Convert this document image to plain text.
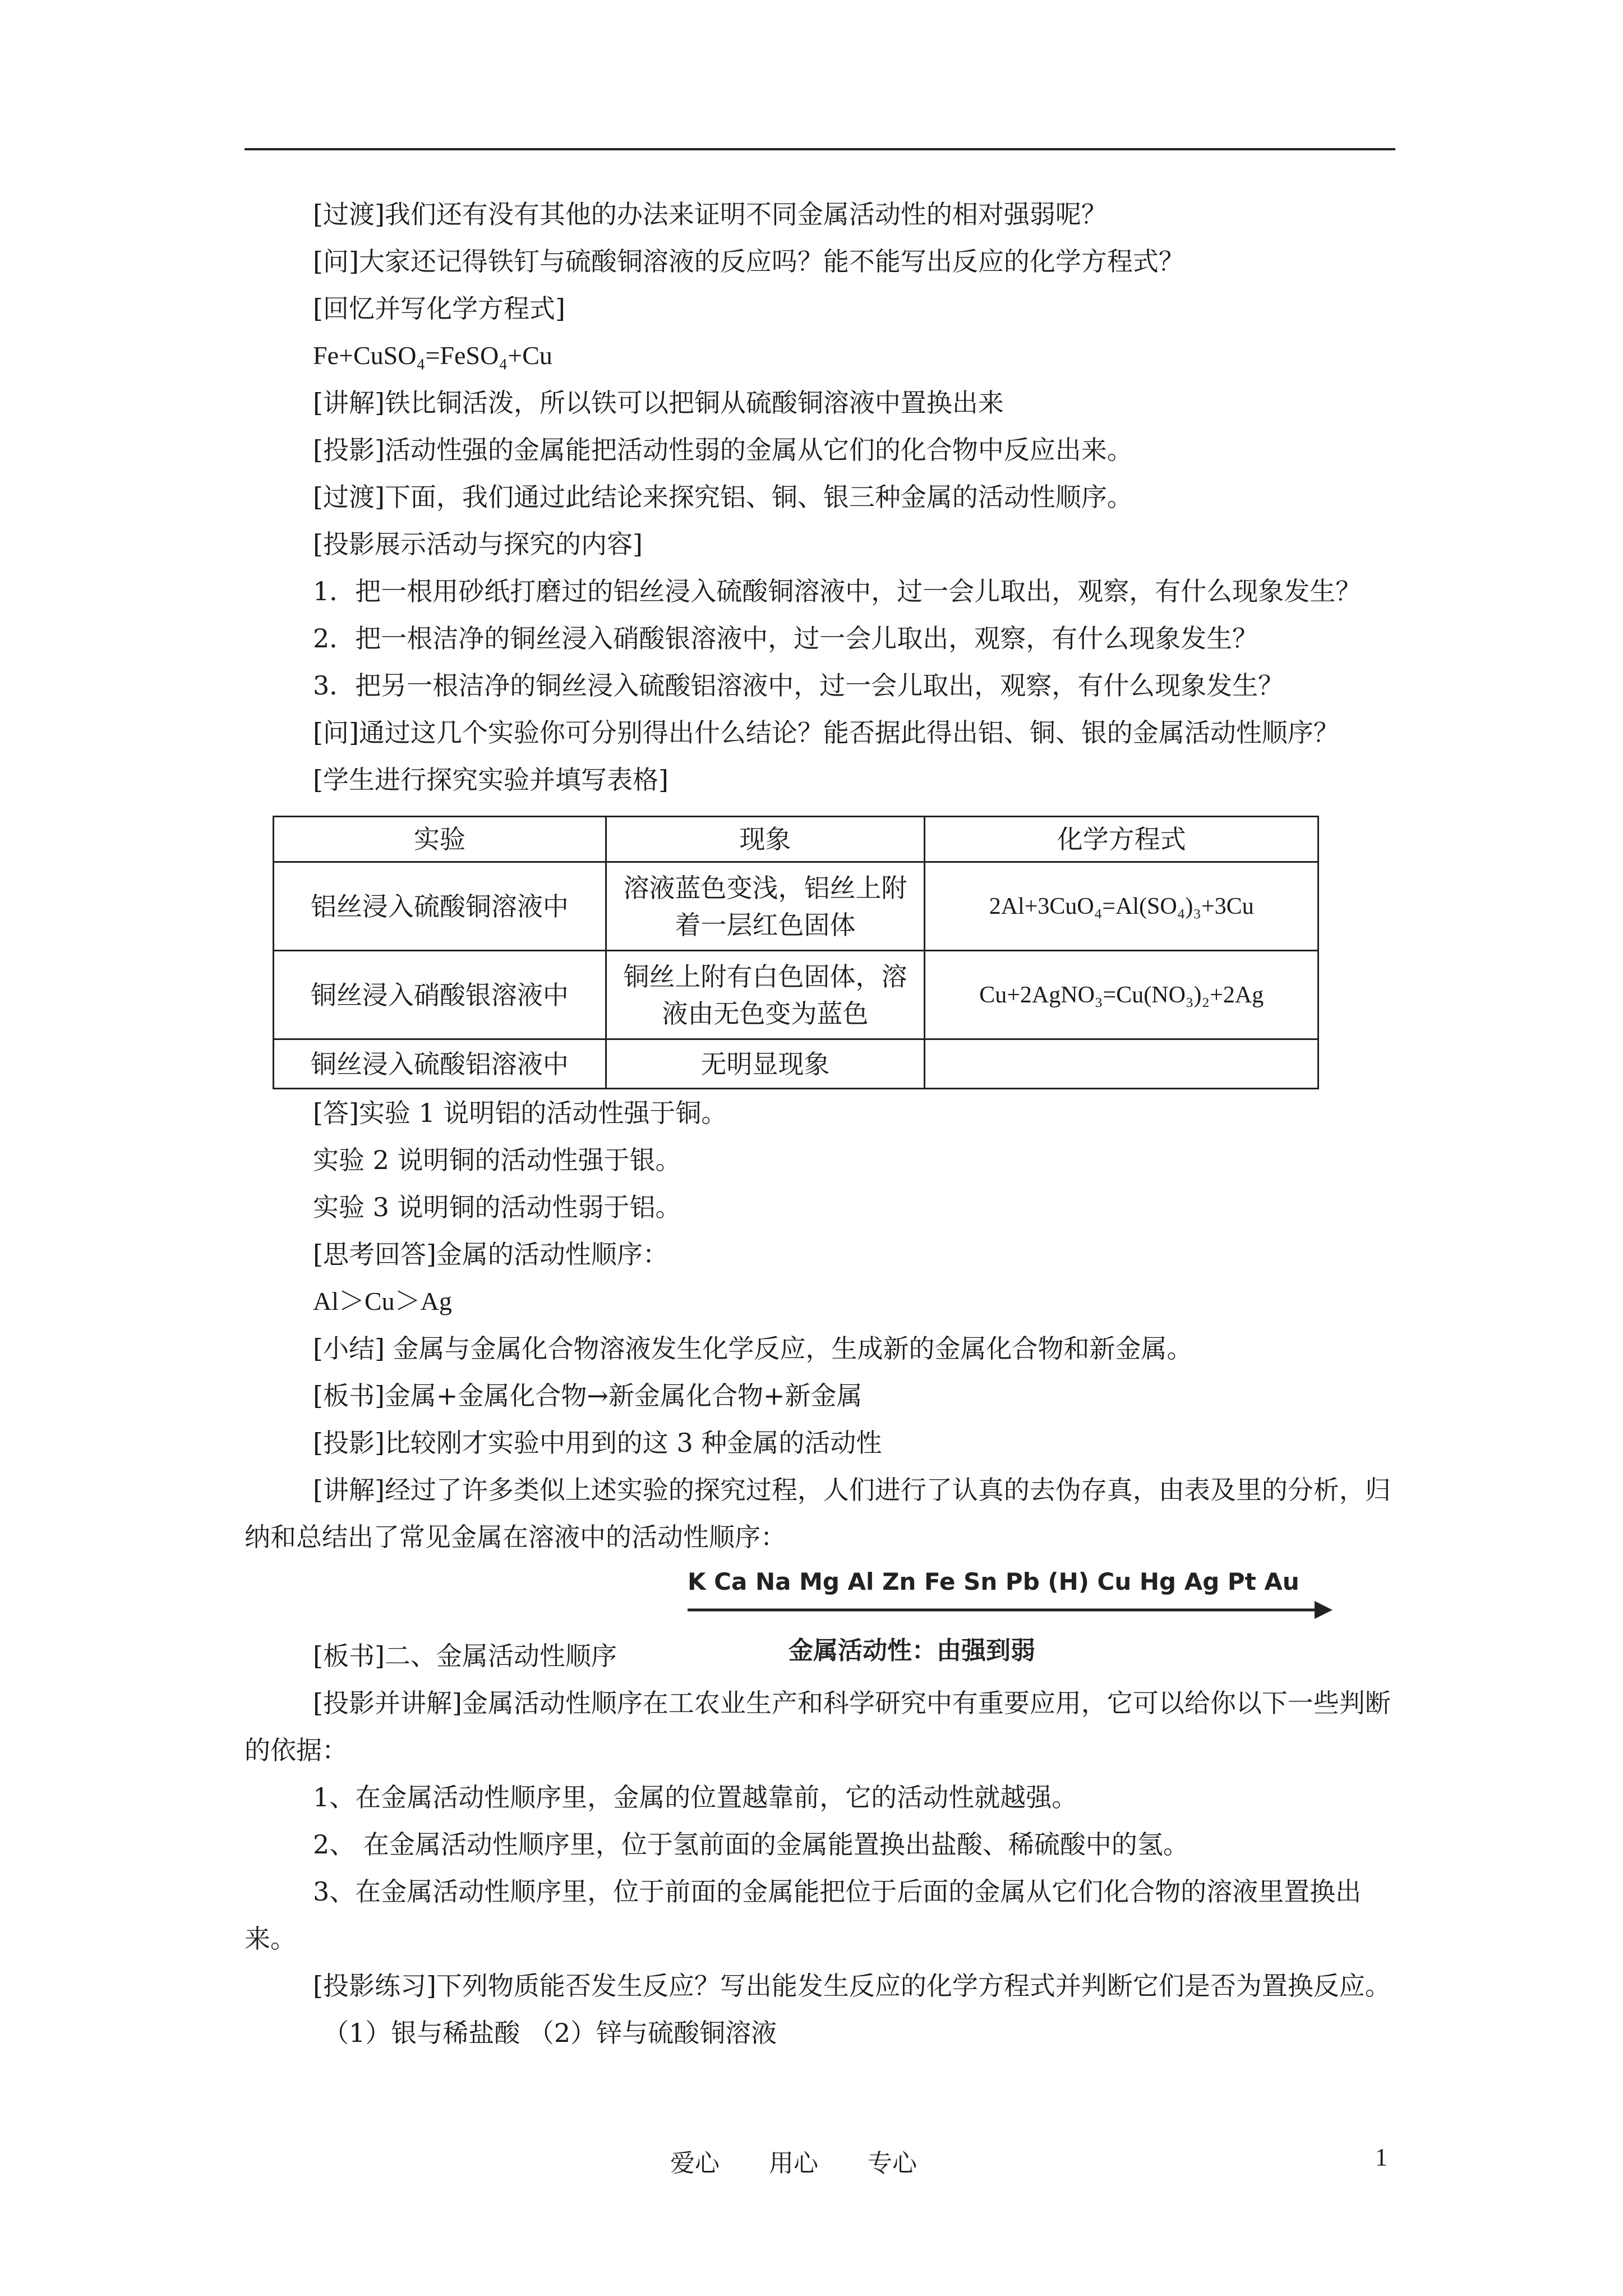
[过渡]我们还有没有其他的办法来证明不同金属活动性的相对强弱呢？

[问]大家还记得铁钉与硫酸铜溶液的反应吗？能不能写出反应的化学方程式？

[回忆并写化学方程式]

Fe+CuSO₄=FeSO₄+Cu

[讲解]铁比铜活泼，所以铁可以把铜从硫酸铜溶液中置换出来

[投影]活动性强的金属能把活动性弱的金属从它们的化合物中反应出来。

[过渡]下面，我们通过此结论来探究铝、铜、银三种金属的活动性顺序。

[投影展示活动与探究的内容]

1．把一根用砂纸打磨过的铝丝浸入硫酸铜溶液中，过一会儿取出，观察，有什么现象发生？

2．把一根洁净的铜丝浸入硝酸银溶液中，过一会儿取出，观察，有什么现象发生？

3．把另一根洁净的铜丝浸入硫酸铝溶液中，过一会儿取出，观察，有什么现象发生？

[问]通过这几个实验你可分别得出什么结论？能否据此得出铝、铜、银的金属活动性顺序？

[学生进行探究实验并填写表格]

实验	现象	化学方程式
铝丝浸入硫酸铜溶液中	溶液蓝色变浅，铝丝上附着一层红色固体	2Al+3CuO₄=Al(SO₄)₃+3Cu
铜丝浸入硝酸银溶液中	铜丝上附有白色固体，溶液由无色变为蓝色	Cu+2AgNO₃=Cu(NO₃)₂+2Ag
铜丝浸入硫酸铝溶液中	无明显现象	

[答]实验 1 说明铝的活动性强于铜。

实验 2 说明铜的活动性强于银。

实验 3 说明铜的活动性弱于铝。

[思考回答]金属的活动性顺序：

Al＞Cu＞Ag

[小结] 金属与金属化合物溶液发生化学反应，生成新的金属化合物和新金属。

[板书]金属+金属化合物→新金属化合物+新金属

[投影]比较刚才实验中用到的这 3 种金属的活动性

[讲解]经过了许多类似上述实验的探究过程，人们进行了认真的去伪存真，由表及里的分析，归纳和总结出了常见金属在溶液中的活动性顺序：

K Ca Na Mg Al Zn Fe Sn Pb (H) Cu Hg Ag Pt Au
金属活动性：由强到弱

[板书]二、金属活动性顺序

[投影并讲解]金属活动性顺序在工农业生产和科学研究中有重要应用，它可以给你以下一些判断的依据：

1、在金属活动性顺序里，金属的位置越靠前，它的活动性就越强。

2、 在金属活动性顺序里，位于氢前面的金属能置换出盐酸、稀硫酸中的氢。

3、在金属活动性顺序里，位于前面的金属能把位于后面的金属从它们化合物的溶液里置换出来。

[投影练习]下列物质能否发生反应？写出能发生反应的化学方程式并判断它们是否为置换反应。

（1）银与稀盐酸 （2）锌与硫酸铜溶液

爱心　　用心　　专心	1
